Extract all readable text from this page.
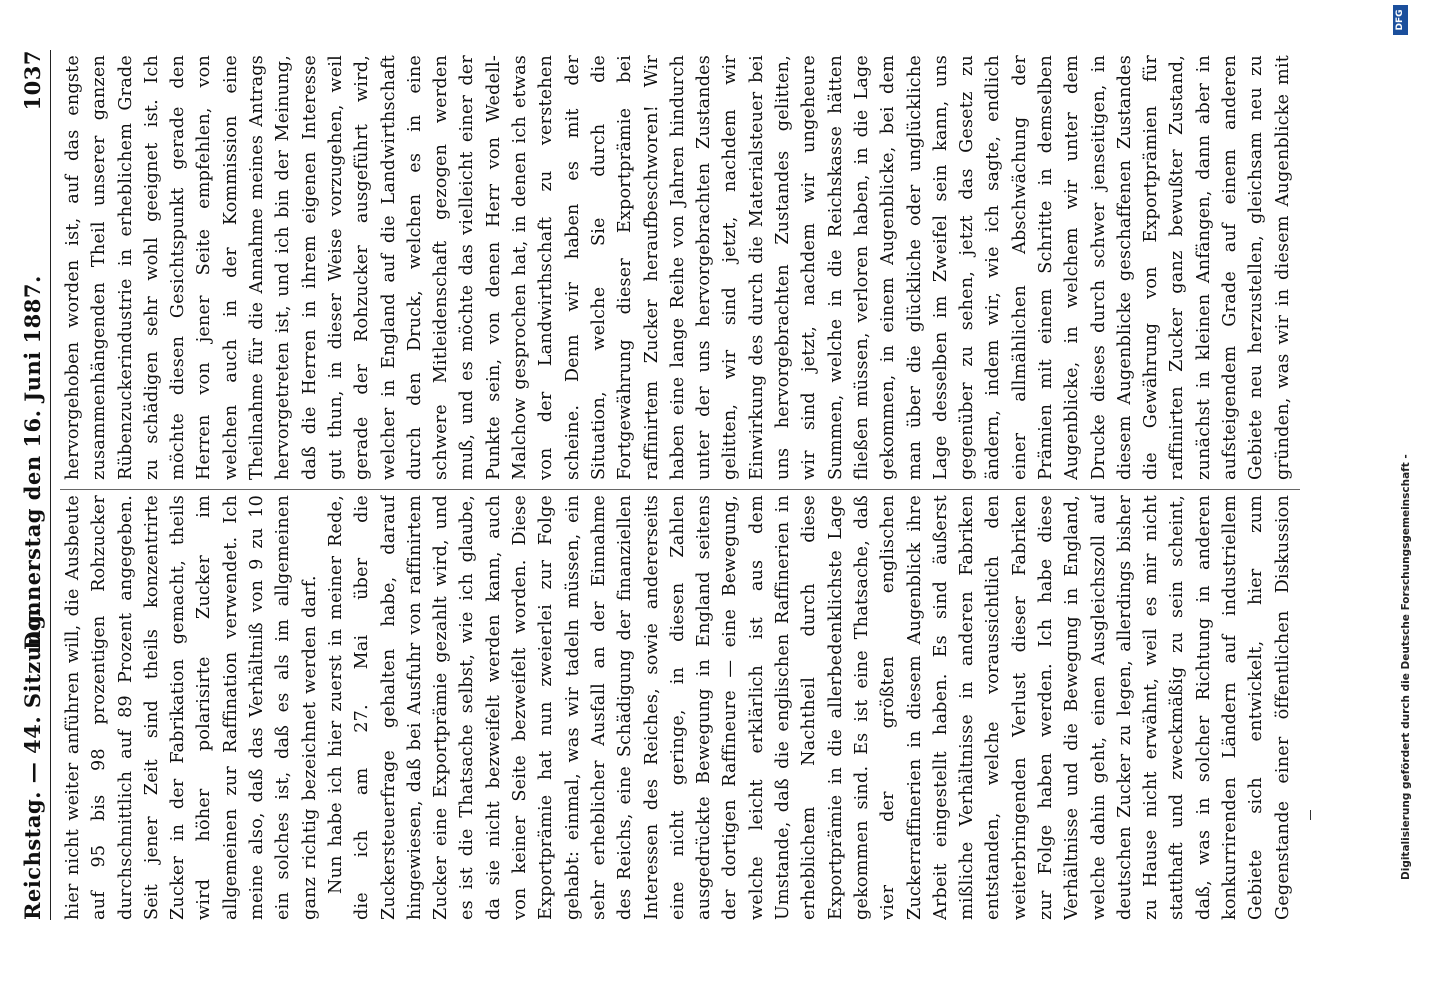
Reichstag. — 44. Sitzung.
Donnerstag den 16. Juni 1887.
1037

hier nicht weiter anführen will, die Ausbeute auf 95 bis 98 prozentigen Rohzucker durchschnittlich auf 89 Prozent angegeben. Seit jener Zeit sind theils konzentrirte Zucker in der Fabrikation gemacht, theils wird höher polarisirte Zucker im allgemeinen zur Raffination verwendet. Ich meine also, daß das Verhältniß von 9 zu 10 ein solches ist, daß es als im allgemeinen ganz richtig bezeichnet werden darf. Nun habe ich hier zuerst in meiner Rede, die ich am 27. Mai über die Zuckersteuerfrage gehalten habe, darauf hingewiesen, daß bei Ausfuhr von raffinirtem Zucker eine Exportprämie gezahlt wird, und es ist die Thatsache selbst, wie ich glaube, da sie nicht bezweifelt werden kann, auch von keiner Seite bezweifelt worden. Diese Exportprämie hat nun zweierlei zur Folge gehabt: einmal, was wir tadeln müssen, ein sehr erheblicher Ausfall an der Einnahme des Reichs, eine Schädigung der finanziellen Interessen des Reiches, sowie andererseits eine nicht geringe, in diesen Zahlen ausgedrückte Bewegung in England seitens der dortigen Raffineure — eine Bewegung, welche leicht erklärlich ist aus dem Umstande, daß die englischen Raffinerien in erheblichem Nachtheil durch diese Exportprämie in die allerbedenklichste Lage gekommen sind. Es ist eine Thatsache, daß vier der größten englischen Zuckerraffinerien in diesem Augenblick ihre Arbeit eingestellt haben. Es sind äußerst mißliche Verhältnisse in anderen Fabriken entstanden, welche voraussichtlich den weiterbringenden Verlust dieser Fabriken zur Folge haben werden. Ich habe diese Verhältnisse und die Bewegung in England, welche dahin geht, einen Ausgleichszoll auf deutschen Zucker zu legen, allerdings bisher zu Hause nicht erwähnt, weil es mir nicht statthaft und zweckmäßig zu sein scheint, daß, was in solcher Richtung in anderen konkurrirenden Ländern auf industriellem Gebiete sich entwickelt, hier zum Gegenstande einer öffentlichen Diskussion

hervorgehoben worden ist, auf das engste zusammenhängenden Theil unserer ganzen Rübenzuckerindustrie in erheblichem Grade zu schädigen sehr wohl geeignet ist. Ich möchte diesen Gesichtspunkt gerade den Herren von jener Seite empfehlen, von welchen auch in der Kommission eine Theilnahme für die Annahme meines Antrags hervorgetreten ist, und ich bin der Meinung, daß die Herren in ihrem eigenen Interesse gut thun, in dieser Weise vorzugehen, weil gerade der Rohzucker ausgeführt wird, welcher in England auf die Landwirthschaft durch den Druck, welchen es in eine schwere Mitleidenschaft gezogen werden muß, und es möchte das vielleicht einer der Punkte sein, von denen Herr von Wedell-Malchow gesprochen hat, in denen ich etwas von der Landwirthschaft zu verstehen scheine. Denn wir haben es mit der Situation, welche Sie durch die Fortgewährung dieser Exportprämie bei raffinirtem Zucker heraufbeschworen! Wir haben eine lange Reihe von Jahren hindurch unter der uns hervorgebrachten Zustandes gelitten, wir sind jetzt, nachdem wir Einwirkung des durch die Materialsteuer bei uns hervorgebrachten Zustandes gelitten, wir sind jetzt, nachdem wir ungeheure Summen, welche in die Reichskasse hätten fließen müssen, verloren haben, in die Lage gekommen, in einem Augenblicke, bei dem man über die glückliche oder unglückliche Lage desselben im Zweifel sein kann, uns gegenüber zu sehen, jetzt das Gesetz zu ändern, indem wir, wie ich sagte, endlich einer allmählichen Abschwächung der Prämien mit einem Schritte in demselben Augenblicke, in welchem wir unter dem Drucke dieses durch schwer jenseitigen, in diesem Augenblicke geschaffenen Zustandes die Gewährung von Exportprämien für raffinirten Zucker ganz bewußter Zustand, zunächst in kleinen Anfängen, dann aber in aufsteigendem Grade auf einem anderen Gebiete neu herzustellen, gleichsam neu zu gründen, was wir in diesem Augenblicke mit

Digitalisierung gefördert durch die Deutsche Forschungsgemeinschaft -
DFG
